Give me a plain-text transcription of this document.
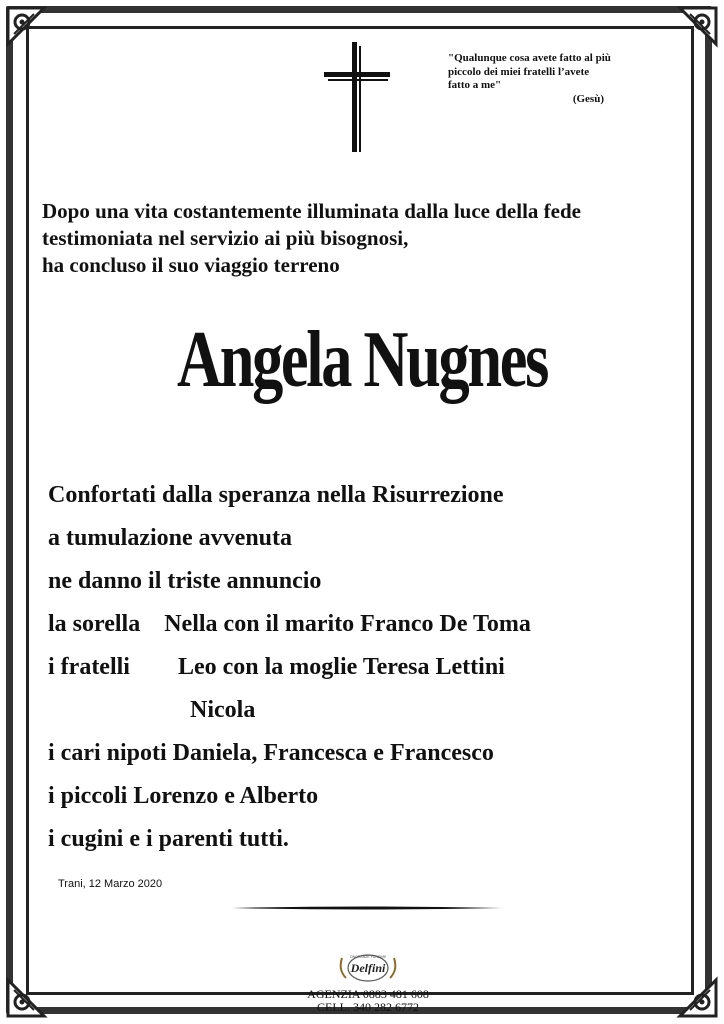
"Qualunque cosa avete fatto al più
piccolo dei miei fratelli l’avete
fatto a me"
(Gesù)
Dopo una vita costantemente illuminata dalla luce della fede
testimoniata nel servizio ai più bisognosi,
ha concluso il suo viaggio terreno
Angela Nugnes
Confortati dalla speranza nella Risurrezione
a tumulazione avvenuta
ne danno il triste annuncio
la sorella Nella con il marito Franco De Toma
i fratelli Leo con la moglie Teresa Lettini
Nicola
i cari nipoti Daniela, Francesca e Francesco
i piccoli Lorenzo e Alberto
i cugini e i parenti tutti.
Trani, 12 Marzo 2020
Delfini
ONORANZE FUNEBRI
AGENZIA 0883 481 608
CELL. 340 282 6772
